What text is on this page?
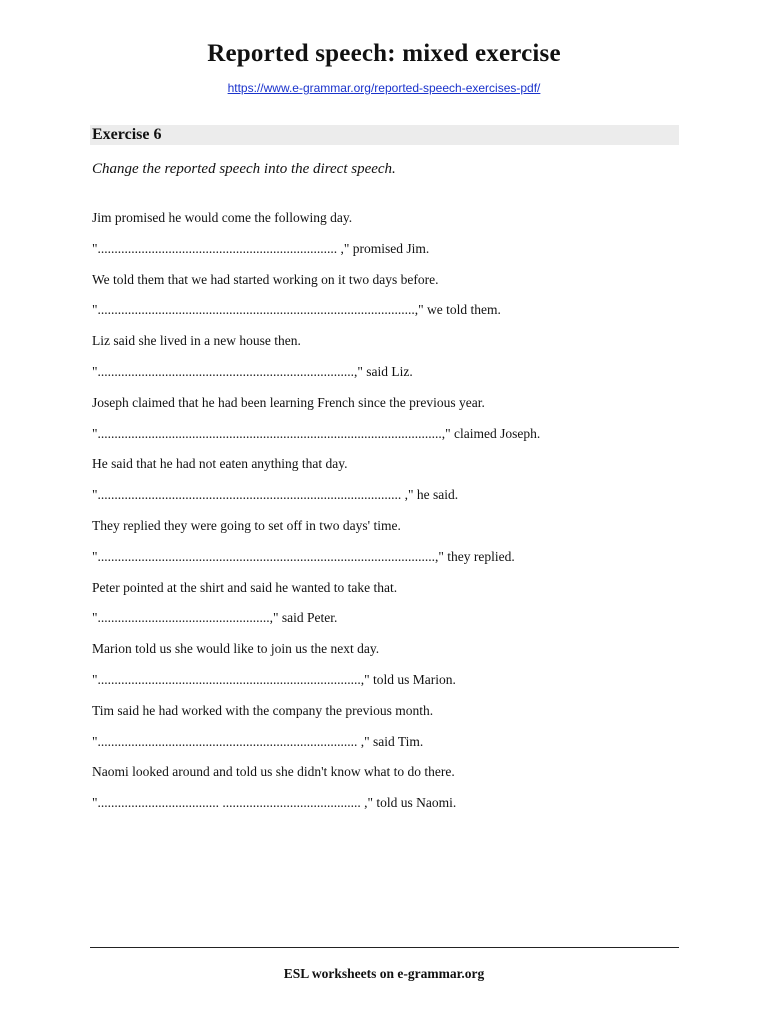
Reported speech: mixed exercise
https://www.e-grammar.org/reported-speech-exercises-pdf/
Exercise 6
Change the reported speech into the direct speech.
Jim promised he would come the following day.
"....................................................................... ," promised Jim.
We told them that we had started working on it two days before.
"..............................................................................................," we told them.
Liz said she lived in a new house then.
"............................................................................," said Liz.
Joseph claimed that he had been learning French since the previous year.
"......................................................................................................," claimed Joseph.
He said that he had not eaten anything that day.
".......................................................................................... ," he said.
They replied they were going to set off in two days' time.
"....................................................................................................," they replied.
Peter pointed at the shirt and said he wanted to take that.
"...................................................," said Peter.
Marion told us she would like to join us the next day.
"..............................................................................," told us Marion.
Tim said he had worked with the company the previous month.
"............................................................................. ," said Tim.
Naomi looked around and told us she didn't know what to do there.
".................................... ......................................... ," told us Naomi.
ESL worksheets on e-grammar.org
